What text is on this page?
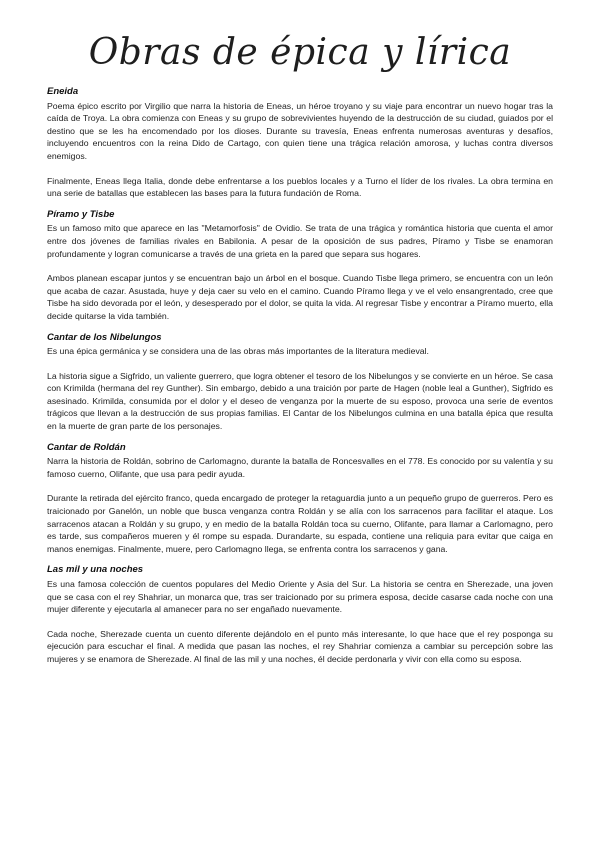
Obras de épica y lírica
Eneida

Poema épico escrito por Virgilio que narra la historia de Eneas, un héroe troyano y su viaje para encontrar un nuevo hogar tras la caída de Troya. La obra comienza con Eneas y su grupo de sobrevivientes huyendo de la destrucción de su ciudad, guiados por el destino que se les ha encomendado por los dioses. Durante su travesía, Eneas enfrenta numerosas aventuras y desafíos, incluyendo encuentros con la reina Dido de Cartago, con quien tiene una trágica relación amorosa, y luchas contra diversos enemigos.

Finalmente, Eneas llega Italia, donde debe enfrentarse a los pueblos locales y a Turno el líder de los rivales. La obra termina en una serie de batallas que establecen las bases para la futura fundación de Roma.

Píramo y Tisbe

Es un famoso mito que aparece en las "Metamorfosis" de Ovidio. Se trata de una trágica y romántica historia que cuenta el amor entre dos jóvenes de familias rivales en Babilonia. A pesar de la oposición de sus padres, Píramo y Tisbe se enamoran profundamente y logran comunicarse a través de una grieta en la pared que separa sus hogares.

Ambos planean escapar juntos y se encuentran bajo un árbol en el bosque. Cuando Tisbe llega primero, se encuentra con un león que acaba de cazar. Asustada, huye y deja caer su velo en el camino. Cuando Píramo llega y ve el velo ensangrentado, cree que Tisbe ha sido devorada por el león, y desesperado por el dolor, se quita la vida. Al regresar Tisbe y encontrar a Píramo muerto, ella decide quitarse la vida también.

Cantar de los Nibelungos

Es una épica germánica y se considera una de las obras más importantes de la literatura medieval.

La historia sigue a Sigfrido, un valiente guerrero, que logra obtener el tesoro de los Nibelungos y se convierte en un héroe. Se casa con Krimilda (hermana del rey Gunther). Sin embargo, debido a una traición por parte de Hagen (noble leal a Gunther), Sigfrido es asesinado. Krimilda, consumida por el dolor y el deseo de venganza por la muerte de su esposo, provoca una serie de eventos trágicos que llevan a la destrucción de sus propias familias. El Cantar de los Nibelungos culmina en una batalla épica que resulta en la muerte de gran parte de los personajes.

Cantar de Roldán

Narra la historia de Roldán, sobrino de Carlomagno, durante la batalla de Roncesvalles en el 778. Es conocido por su valentía y su famoso cuerno, Olifante, que usa para pedir ayuda.

Durante la retirada del ejército franco, queda encargado de proteger la retaguardia junto a un pequeño grupo de guerreros. Pero es traicionado por Ganelón, un noble que busca venganza contra Roldán y se alía con los sarracenos para facilitar el ataque. Los sarracenos atacan a Roldán y su grupo, y en medio de la batalla Roldán toca su cuerno, Olifante, para llamar a Carlomagno, pero es tarde, sus compañeros mueren y él rompe su espada. Durandarte, su espada, contiene una reliquia para evitar que caiga en manos enemigas. Finalmente, muere, pero Carlomagno llega, se enfrenta contra los sarracenos y gana.

Las mil y una noches

Es una famosa colección de cuentos populares del Medio Oriente y Asia del Sur. La historia se centra en Sherezade, una joven que se casa con el rey Shahriar, un monarca que, tras ser traicionado por su primera esposa, decide casarse cada noche con una mujer diferente y ejecutarla al amanecer para no ser engañado nuevamente.

Cada noche, Sherezade cuenta un cuento diferente dejándolo en el punto más interesante, lo que hace que el rey posponga su ejecución para escuchar el final. A medida que pasan las noches, el rey Shahriar comienza a cambiar su percepción sobre las mujeres y se enamora de Sherezade. Al final de las mil y una noches, él decide perdonarla y vivir con ella como su esposa.
